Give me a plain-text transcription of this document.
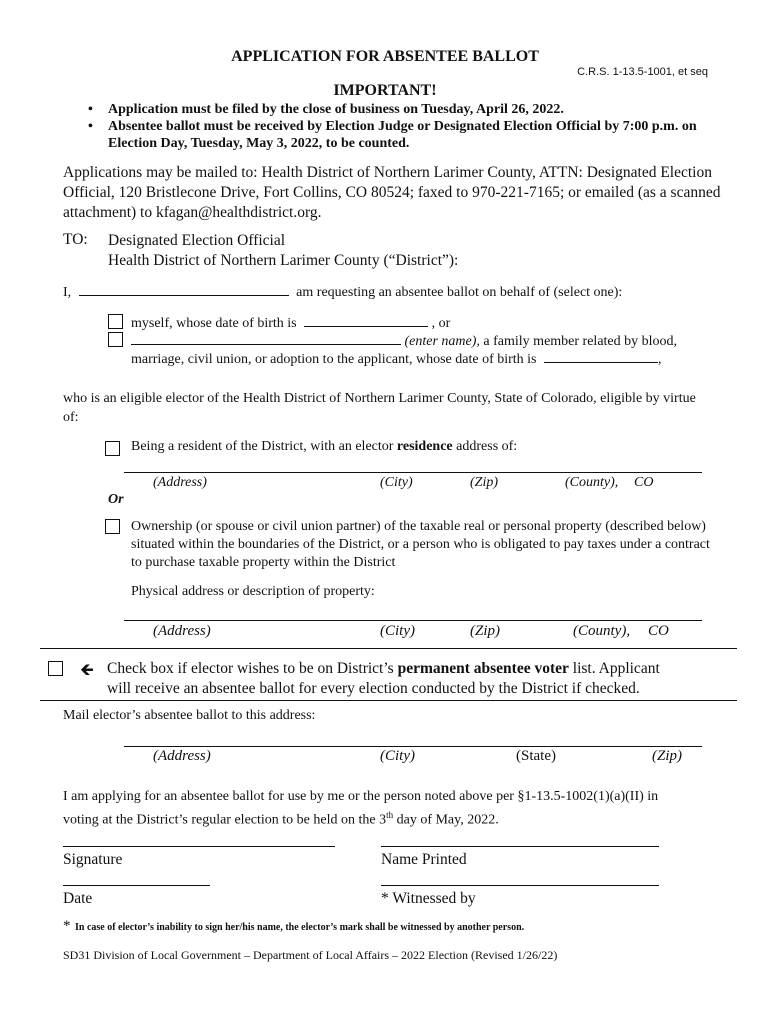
APPLICATION FOR ABSENTEE BALLOT
C.R.S. 1-13.5-1001, et seq
IMPORTANT!
• Application must be filed by the close of business on Tuesday, April 26, 2022.
• Absentee ballot must be received by Election Judge or Designated Election Official by 7:00 p.m. on Election Day, Tuesday, May 3, 2022, to be counted.
Applications may be mailed to: Health District of Northern Larimer County, ATTN: Designated Election Official, 120 Bristlecone Drive, Fort Collins, CO 80524; faxed to 970-221-7165; or emailed (as a scanned attachment) to kfagan@healthdistrict.org.
TO: Designated Election Official
Health District of Northern Larimer County (“District”):
I,	am requesting an absentee ballot on behalf of (select one):
myself, whose date of birth is	, or
(enter name), a family member related by blood,
marriage, civil union, or adoption to the applicant, whose date of birth is	,
who is an eligible elector of the Health District of Northern Larimer County, State of Colorado, eligible by virtue of:
Being a resident of the District, with an elector residence address of:
(Address)	(City)	(Zip)	(County), CO
Or
Ownership (or spouse or civil union partner) of the taxable real or personal property (described below) situated within the boundaries of the District, or a person who is obligated to pay taxes under a contract to purchase taxable property within the District
Physical address or description of property:
(Address)	(City)	(Zip)	(County), CO
🡸 Check box if elector wishes to be on District’s permanent absentee voter list. Applicant
will receive an absentee ballot for every election conducted by the District if checked.
Mail elector’s absentee ballot to this address:
(Address)	(City)	(State)	(Zip)
I am applying for an absentee ballot for use by me or the person noted above per §1-13.5-1002(1)(a)(II) in
voting at the District’s regular election to be held on the 3th day of May, 2022.
Signature	Name Printed
Date	* Witnessed by
* In case of elector’s inability to sign her/his name, the elector’s mark shall be witnessed by another person.
SD31 Division of Local Government – Department of Local Affairs – 2022 Election (Revised 1/26/22)
